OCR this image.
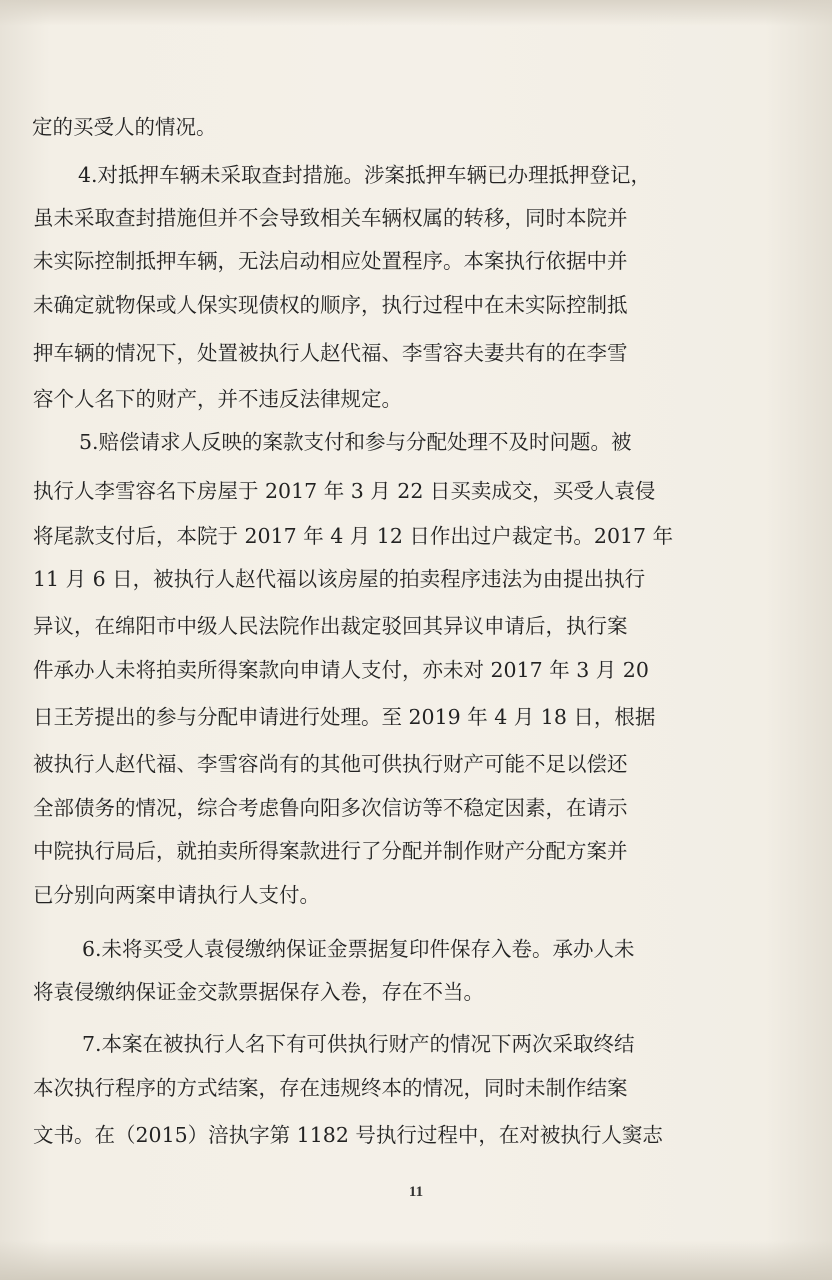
定的买受人的情况。
4.对抵押车辆未采取查封措施。涉案抵押车辆已办理抵押登记，
虽未采取查封措施但并不会导致相关车辆权属的转移，同时本院并
未实际控制抵押车辆，无法启动相应处置程序。本案执行依据中并
未确定就物保或人保实现债权的顺序，执行过程中在未实际控制抵
押车辆的情况下，处置被执行人赵代福、李雪容夫妻共有的在李雪
容个人名下的财产，并不违反法律规定。
5.赔偿请求人反映的案款支付和参与分配处理不及时问题。被
执行人李雪容名下房屋于 2017 年 3 月 22 日买卖成交，买受人袁侵
将尾款支付后，本院于 2017 年 4 月 12 日作出过户裁定书。2017 年
11 月 6 日，被执行人赵代福以该房屋的拍卖程序违法为由提出执行
异议，在绵阳市中级人民法院作出裁定驳回其异议申请后，执行案
件承办人未将拍卖所得案款向申请人支付，亦未对 2017 年 3 月 20
日王芳提出的参与分配申请进行处理。至 2019 年 4 月 18 日，根据
被执行人赵代福、李雪容尚有的其他可供执行财产可能不足以偿还
全部债务的情况，综合考虑鲁向阳多次信访等不稳定因素，在请示
中院执行局后，就拍卖所得案款进行了分配并制作财产分配方案并
已分别向两案申请执行人支付。
6.未将买受人袁侵缴纳保证金票据复印件保存入卷。承办人未
将袁侵缴纳保证金交款票据保存入卷，存在不当。
7.本案在被执行人名下有可供执行财产的情况下两次采取终结
本次执行程序的方式结案，存在违规终本的情况，同时未制作结案
文书。在（2015）涪执字第 1182 号执行过程中，在对被执行人窦志
11
